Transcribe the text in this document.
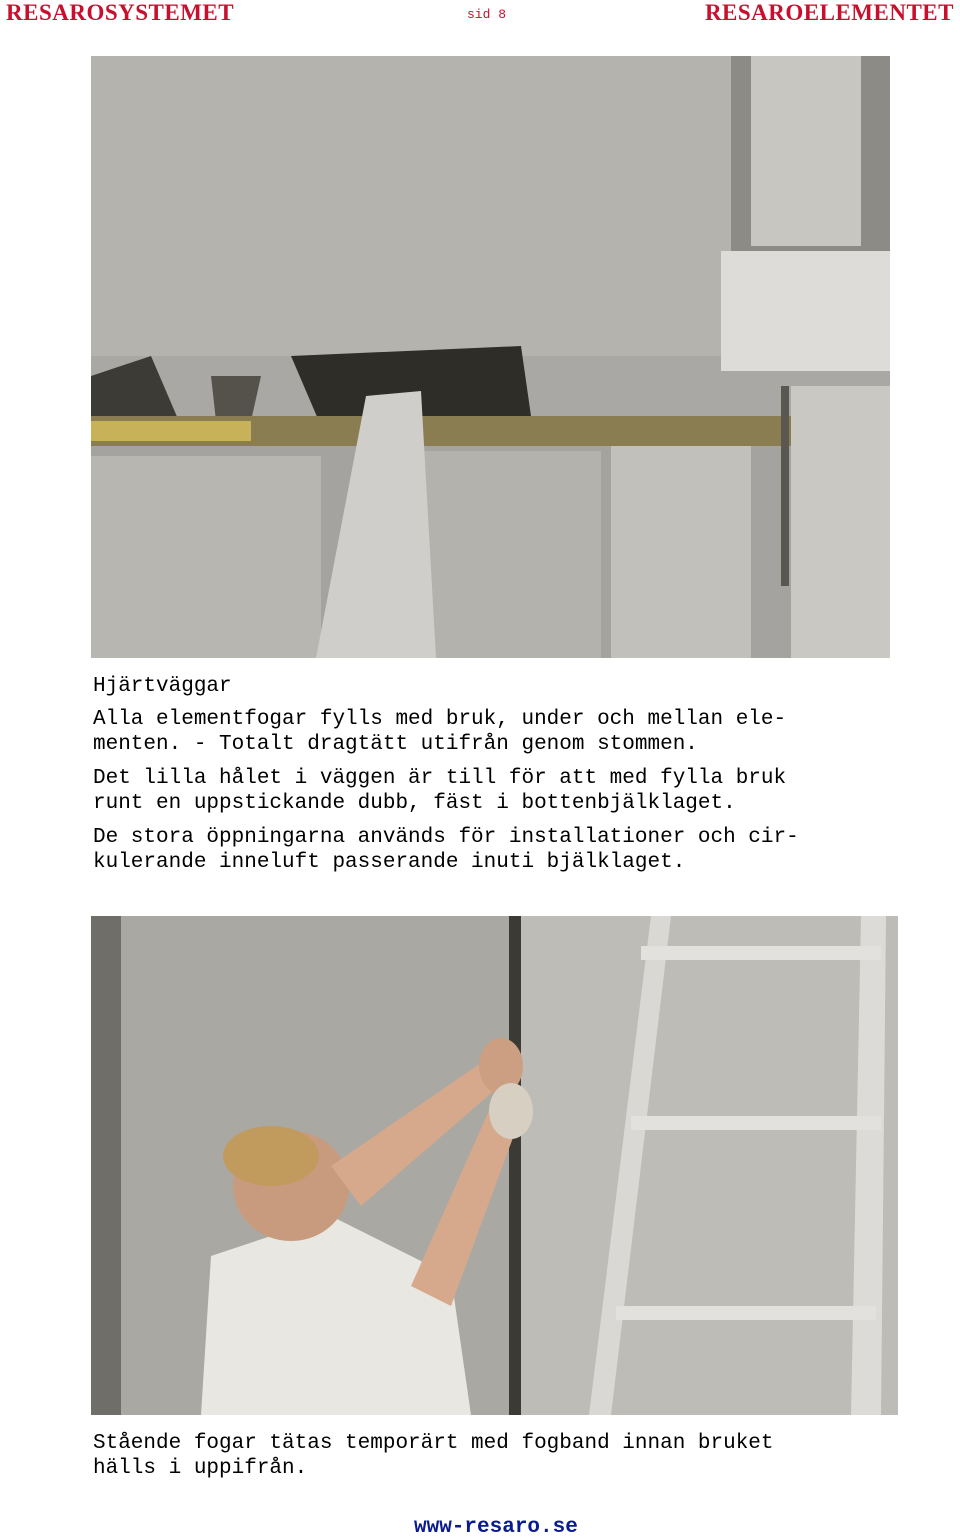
RESAROSYSTEMET	sid 8	RESAROELEMENTET
Hjärtväggar
Alla elementfogar fylls med bruk, under och mellan ele-
menten. - Totalt dragtätt utifrån genom stommen.
Det lilla hålet i väggen är till för att med fylla bruk
runt en uppstickande dubb, fäst i bottenbjälklaget.
De stora öppningarna används för installationer och cir-
kulerande inneluft passerande inuti bjälklaget.
Stående fogar tätas temporärt med fogband innan bruket
hälls i uppifrån.
www-resaro.se
